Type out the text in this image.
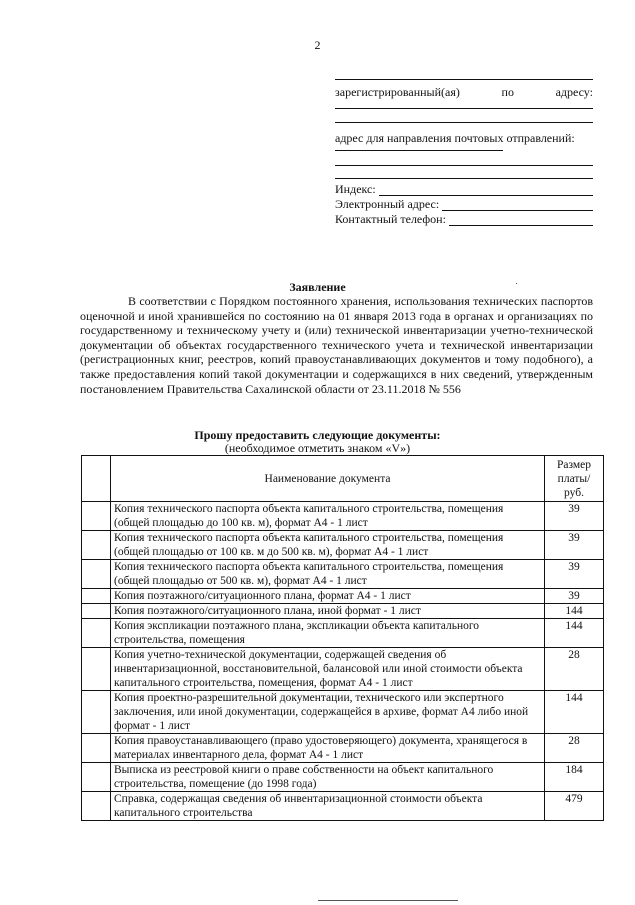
2
зарегистрированный(ая)	по	адресу:
адрес для направления почтовых отправлений:
Индекс:
Электронный адрес:
Контактный телефон:
Заявление
В соответствии с Порядком постоянного хранения, использования технических паспортов оценочной и иной хранившейся по состоянию на 01 января 2013 года в органах и организациях по государственному и техническому учету и (или) технической инвентаризации учетно-технической документации об объектах государственного технического учета и технической инвентаризации (регистрационных книг, реестров, копий правоустанавливающих документов и тому подобного), а также предоставления копий такой документации и содержащихся в них сведений, утвержденным постановлением Правительства Сахалинской области от 23.11.2018 № 556
Прошу предоставить следующие документы:
(необходимое отметить знаком «V»)
	Наименование документа	Размер платы/ руб.
	Копия технического паспорта объекта капитального строительства, помещения (общей площадью до 100 кв. м), формат А4 - 1 лист	39
	Копия технического паспорта объекта капитального строительства, помещения (общей площадью от 100 кв. м до 500 кв. м), формат А4 - 1 лист	39
	Копия технического паспорта объекта капитального строительства, помещения (общей площадью от 500 кв. м), формат А4 - 1 лист	39
	Копия поэтажного/ситуационного плана, формат А4 - 1 лист	39
	Копия поэтажного/ситуационного плана, иной формат - 1 лист	144
	Копия экспликации поэтажного плана, экспликации объекта капитального строительства, помещения	144
	Копия учетно-технической документации, содержащей сведения об инвентаризационной, восстановительной, балансовой или иной стоимости объекта капитального строительства, помещения, формат А4 - 1 лист	28
	Копия проектно-разрешительной документации, технического или экспертного заключения, или иной документации, содержащейся в архиве, формат А4 либо иной формат - 1 лист	144
	Копия правоустанавливающего (право удостоверяющего) документа, хранящегося в материалах инвентарного дела, формат А4 - 1 лист	28
	Выписка из реестровой книги о праве собственности на объект капитального строительства, помещение (до 1998 года)	184
	Справка, содержащая сведения об инвентаризационной стоимости объекта капитального строительства	479
